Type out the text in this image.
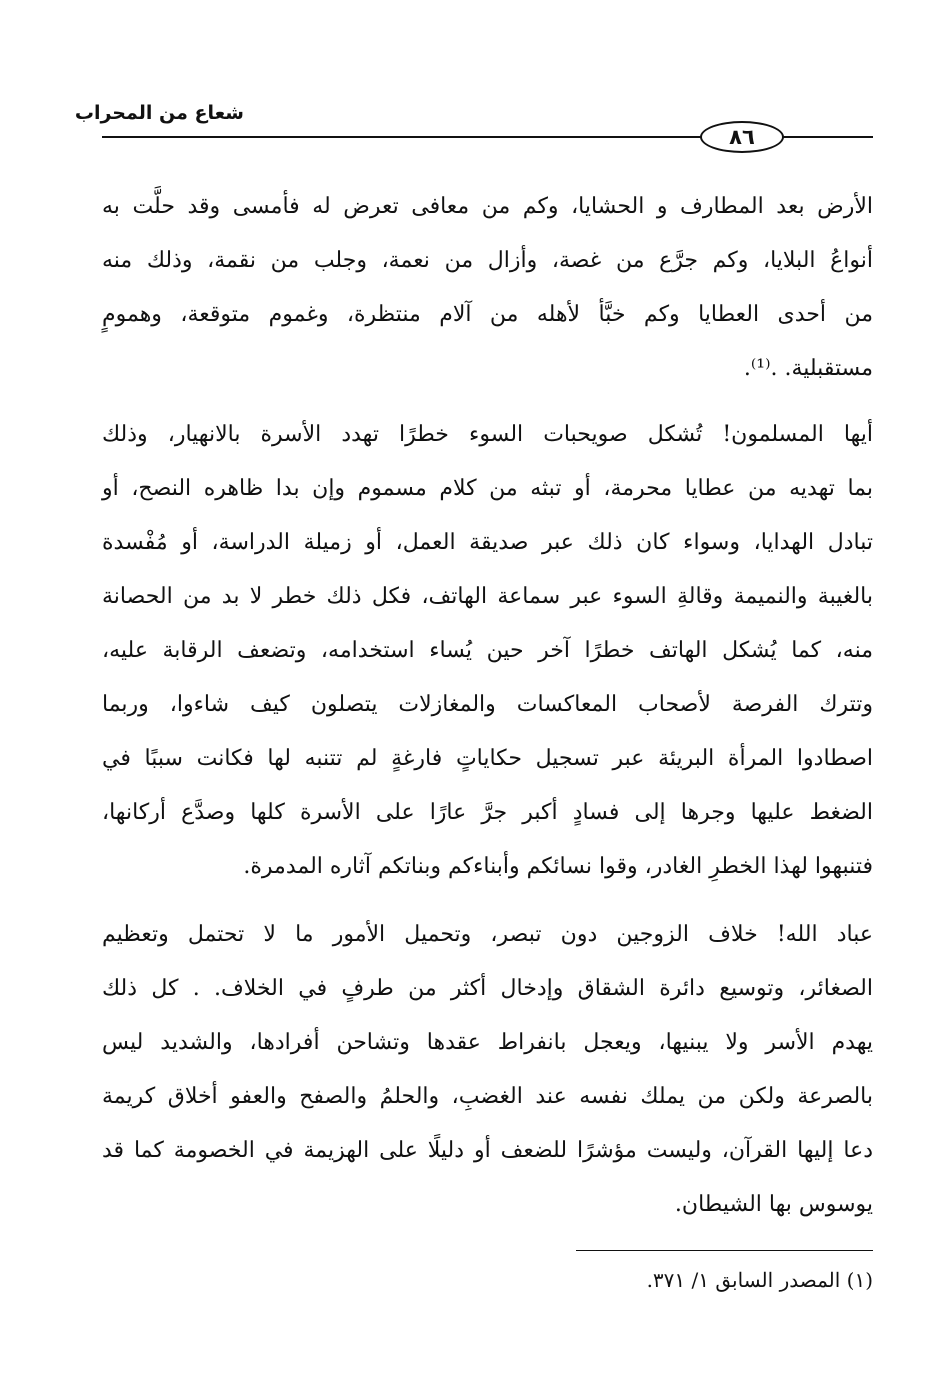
شعاع من المحراب
٨٦
الأرض بعد المطارف و الحشايا، وكم من معافى تعرض له فأمسى وقد حلَّت به
أنواعُ البلايا، وكم جرَّع من غصة، وأزال من نعمة، وجلب من نقمة، وذلك منه
من أحدى العطايا وكم خبَّأ لأهله من آلام منتظرة، وغموم متوقعة، وهمومٍ
مستقبلية. .⁽¹⁾.
أيها المسلمون! تُشكل صويحبات السوء خطرًا تهدد الأسرة بالانهيار، وذلك
بما تهديه من عطايا محرمة، أو تبثه من كلام مسموم وإن بدا ظاهره النصح، أو
تبادل الهدايا، وسواء كان ذلك عبر صديقة العمل، أو زميلة الدراسة، أو مُفْسدة
بالغيبة والنميمة وقالةِ السوء عبر سماعة الهاتف، فكل ذلك خطر لا بد من الحصانة
منه، كما يُشكل الهاتف خطرًا آخر حين يُساء استخدامه، وتضعف الرقابة عليه،
وتترك الفرصة لأصحاب المعاكسات والمغازلات يتصلون كيف شاءوا، وربما
اصطادوا المرأة البريئة عبر تسجيل حكاياتٍ فارغةٍ لم تتنبه لها فكانت سببًا في
الضغط عليها وجرها إلى فسادٍ أكبر جرَّ عارًا على الأسرة كلها وصدَّع أركانها،
فتنبهوا لهذا الخطرِ الغادر، وقوا نسائكم وأبناءكم وبناتكم آثاره المدمرة.
عباد الله! خلاف الزوجين دون تبصر، وتحميل الأمور ما لا تحتمل وتعظيم
الصغائر، وتوسيع دائرة الشقاق وإدخال أكثر من طرفٍ في الخلاف. . كل ذلك
يهدم الأسر ولا يبنيها، ويعجل بانفراط عقدها وتشاحن أفرادها، والشديد ليس
بالصرعة ولكن من يملك نفسه عند الغضبِ، والحلمُ والصفح والعفو أخلاق كريمة
دعا إليها القرآن، وليست مؤشرًا للضعف أو دليلًا على الهزيمة في الخصومة كما قد
يوسوس بها الشيطان.
(١) المصدر السابق ١/ ٣٧١.
